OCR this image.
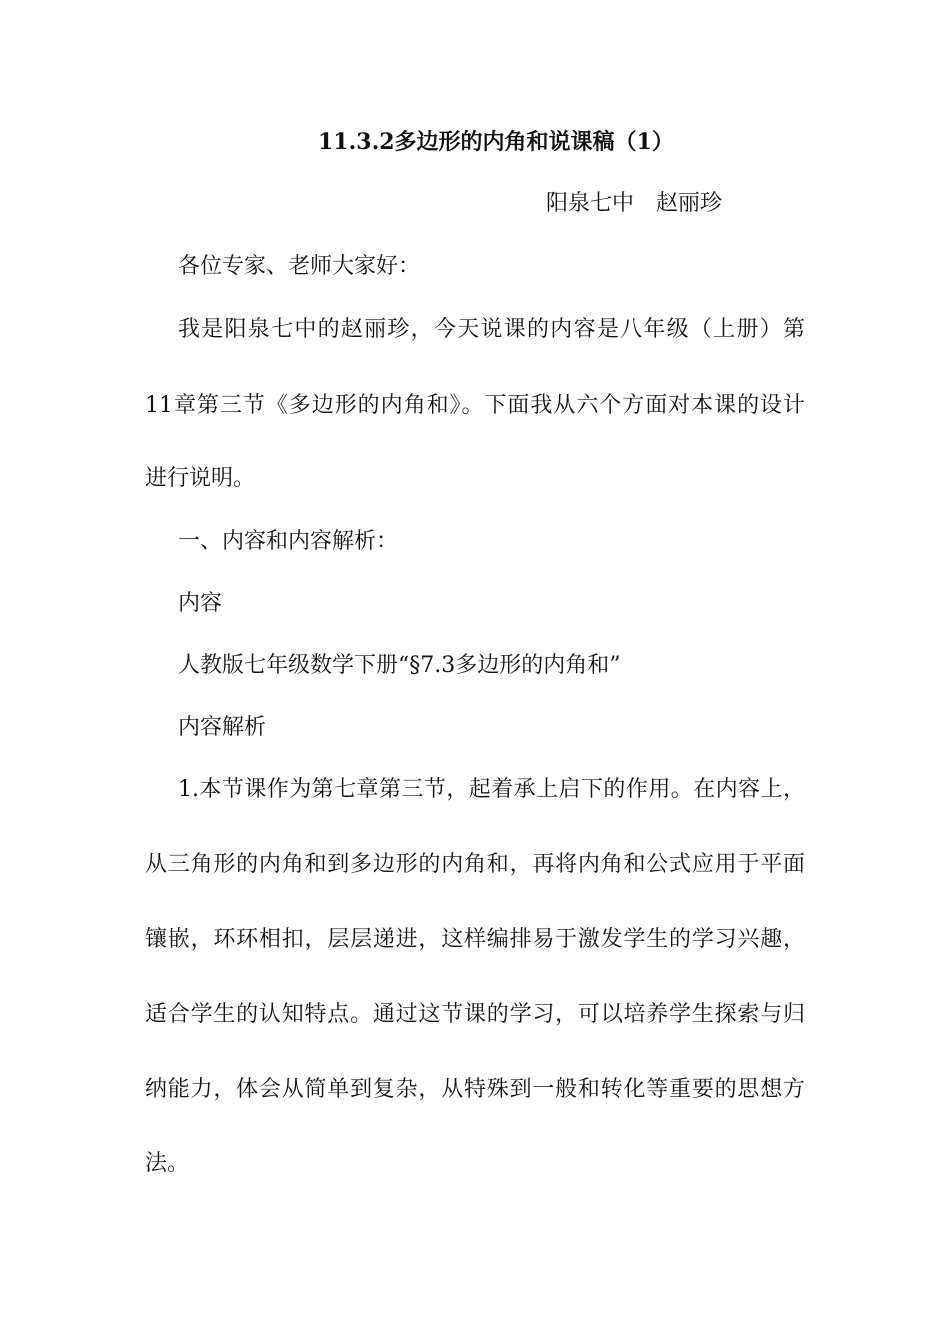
11.3.2多边形的内角和说课稿（1）
阳泉七中　赵丽珍
各位专家、老师大家好：
我是阳泉七中的赵丽珍，今天说课的内容是八年级（上册）第
11章第三节《多边形的内角和》。下面我从六个方面对本课的设计
进行说明。
一、内容和内容解析：
内容
人教版七年级数学下册“§7.3多边形的内角和”
内容解析
1.本节课作为第七章第三节，起着承上启下的作用。在内容上，
从三角形的内角和到多边形的内角和，再将内角和公式应用于平面
镶嵌，环环相扣，层层递进，这样编排易于激发学生的学习兴趣，
适合学生的认知特点。通过这节课的学习，可以培养学生探索与归
纳能力，体会从简单到复杂，从特殊到一般和转化等重要的思想方
法。
